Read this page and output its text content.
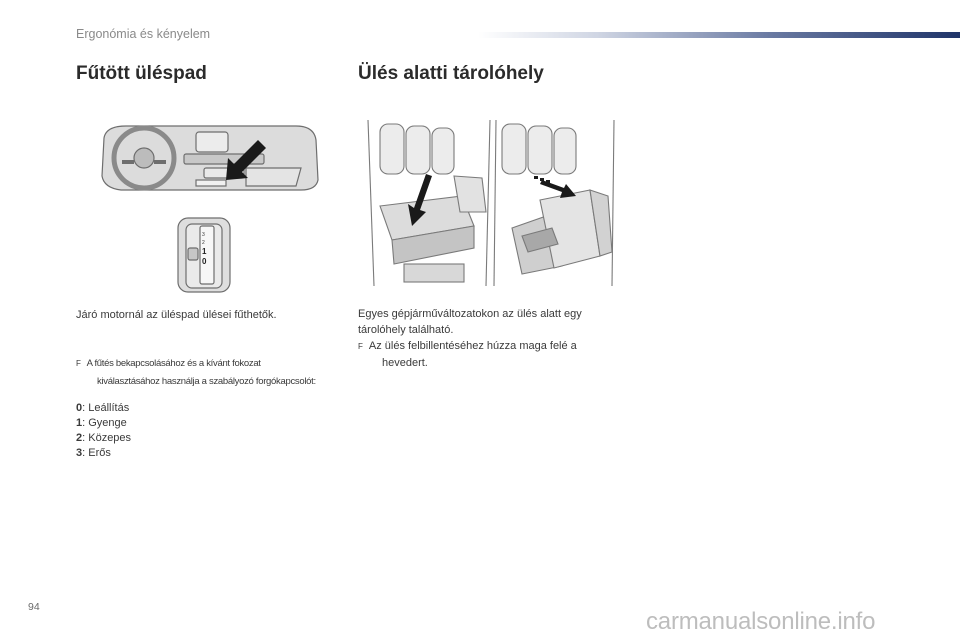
Ergonómia és kényelem
Fűtött üléspad
3
2
1
0
Járó motornál az üléspad ülései fűthetők.
F A fűtés bekapcsolásához és a kívánt fokozat
kiválasztásához használja a szabályozó forgókapcsolót:
0: Leállítás
1: Gyenge
2: Közepes
3: Erős
Ülés alatti tárolóhely
Egyes gépjárműváltozatokon az ülés alatt egy
tárolóhely található.
F Az ülés felbillentéséhez húzza maga felé a
hevedert.
94
carmanualsonline.info
